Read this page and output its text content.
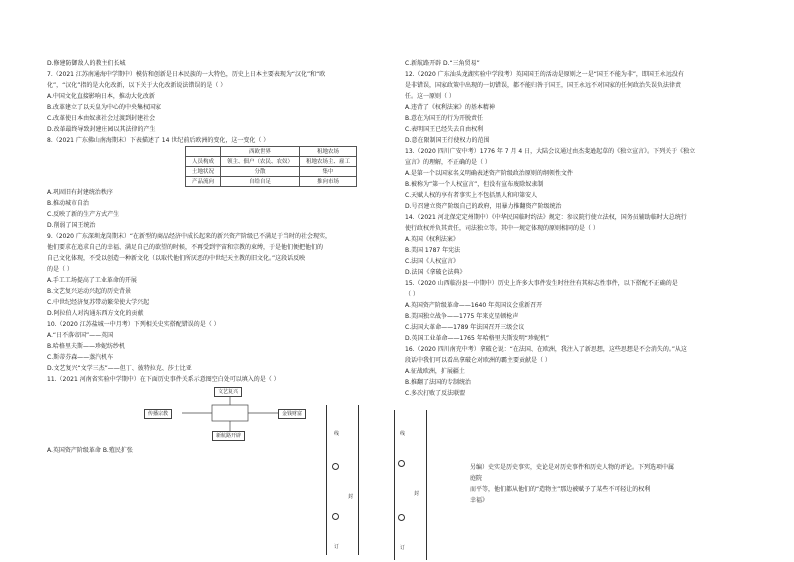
D.修建防御敌人的教主们长城
7.（2021 江苏南通海中学期中）模仿和创新是日本民族的一大特色，历史上日本主要表现为“汉化”和“欧
化”，“汉化”指的是大化改新，以下关于大化改新说法错误的是（ ）
A.中国文化直接影响日本，推动大化改新
B.改革建立了以天皇为中心的中央集权国家
C.改革使日本由奴隶社会过渡到封建社会
D.改革最终导致封建庄园以其法律的产生
8.（2021 广东佛山南海期末）下表描述了 14 世纪前后欧洲的变化，这一变化（ ）
	西欧世界	租地农场
人员构成	领主、佃户（农民、农奴）	租地农场主、雇工
土地状况	分散	集中
产品流向	自给自足	推向市场
A.巩固旧有封建统治秩序
B.推动城市自治
C.反映了新的生产方式产生
D.削弱了国王统治
9.（2020 广东深圳龙岗期末）“在新型的商品经济中成长起来的新兴资产阶级已不满足于当时的社会现实，
他们要求在追求自己的幸福、满足自己的欲望的时候，不再受到宇宙和宗教的束缚，于是他们便把他们的
自己文化体现，不受以创造一种新文化（以取代他们所厌恶的中世纪天主教的旧文化。”这段话反映
的是（ ）
A.手工工场提高了工业革命的开展
B.文艺复兴运动兴起的历史背景
C.中世纪经济复苏带动繁荣使大学兴起
D.阿拉伯人对沟通东西方文化的贡献
10.（2020 江苏盐城一中月考）下列相关史实搭配错误的是（ ）
A.“日不落帝国”——英国
B.哈格里夫斯——珍妮纺纱机
C.斯蒂芬森——蒸汽机车
D.文艺复兴“文学三杰”——但丁、彼特拉克、莎士比亚
11.（2021 河南省实验中学期中）在下面历史事件关系示意图空白处可以填入的是（ ）
文艺复兴
传播宗教	金钱财富
新航路开辟
A.英国资产阶级革命 B.殖民扩张
C.新航路开辟 D.“三角贸易”
12.（2020 广东汕头龙湖实验中学段考）英国国王的活动是原则之一是“国王不能为非”，即国王永远没有
是非错误，国家政策中出现的一切错误，都不能归咎于国王，国王永远不对国家的任何政治失误负法律责
任。这一原则（ ）
A.违背了《权利法案》的基本精神
B.意在为国王的行为开脱责任
C.表明国王已经失去自由权利
D.意在限制国王行使权力的范围
13.（2020 四川广安中考）1776 年 7 月 4 日，大陆会议通过由杰斐逊起草的《独立宣言》。下列关于《独立
宣言》的理解，不正确的是（ ）
A.是第一个以国家名义明确表述资产阶级政治原则的纲领性文件
B.被称为“第一个人权宣言”，但没有宣布废除奴隶制
C.天赋人权的享有者事实上不包括黑人和印第安人
D.号召建立资产阶级自己的政府，用暴力推翻资产阶级统治
14.（2021 河北保定定州期中）《中华民国临时约法》规定：参议院行使立法权，国务员辅助临时大总统行
使行政权并负其责任，司法独立等。其中一规定体现的原则相同的是（ ）
A.英国《权利法案》
B.美国 1787 年宪法
C.法国《人权宣言》
D.法国《拿破仑法典》
15.（2020 山西临汾县一中期中）历史上许多大事件发生时往往有其标志性事件，以下搭配不正确的是
（ ）
A.英国资产阶级革命——1640 年英国议会重新召开
B.美国独立战争——1775 年来克星顿枪声
C.法国大革命——1789 年法国召开三级会议
D.英国工业革命——1765 年哈格里夫斯发明“珍妮机”
16.（2020 四川南充中考）拿破仑说：“在法国、在欧洲，我注入了新思想，这些思想是不会消失的。”从这
段话中我们可以看出拿破仑对欧洲的霸主要贡献是（ ）
A.征战欧洲，扩展疆土
B.推翻了法国的专制统治
C.多次打败了反法联盟
线
封
订
线
封
订
另编）史实是历史事实，史论是对历史事件和历史人物的评论。下列选项中属
庭院
而平等，他们都从他们的“造物主”那边被赋予了某些不可轻让的权利
幸福》
